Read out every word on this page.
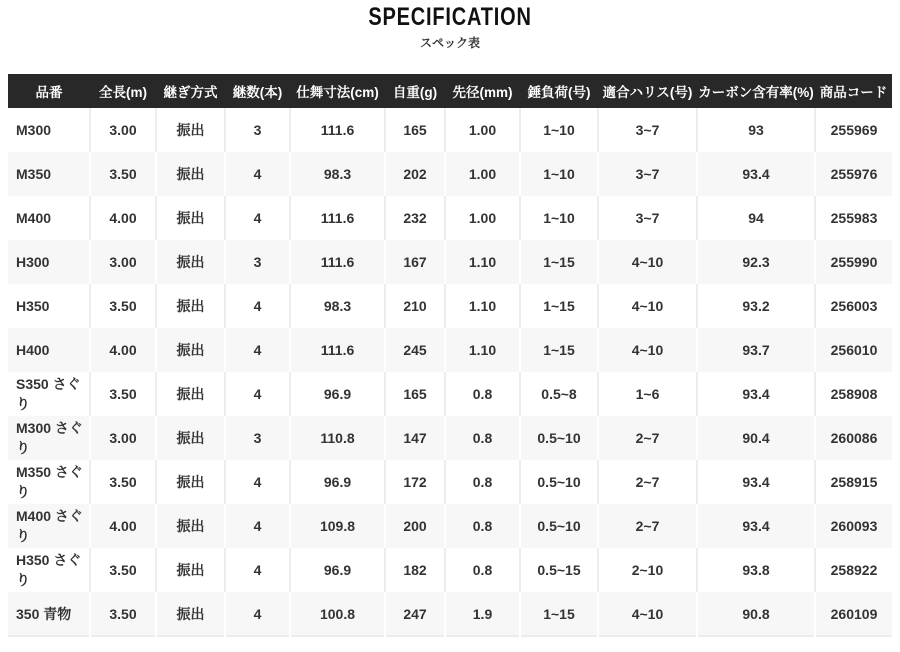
SPECIFICATION
スペック表
品番	全長(m)	継ぎ方式	継数(本)	仕舞寸法(cm)	自重(g)	先径(mm)	錘負荷(号)	適合ハリス(号)	カーボン含有率(%)	商品コード
M300	3.00	振出	3	111.6	165	1.00	1~10	3~7	93	255969
M350	3.50	振出	4	98.3	202	1.00	1~10	3~7	93.4	255976
M400	4.00	振出	4	111.6	232	1.00	1~10	3~7	94	255983
H300	3.00	振出	3	111.6	167	1.10	1~15	4~10	92.3	255990
H350	3.50	振出	4	98.3	210	1.10	1~15	4~10	93.2	256003
H400	4.00	振出	4	111.6	245	1.10	1~15	4~10	93.7	256010
S350 さぐり	3.50	振出	4	96.9	165	0.8	0.5~8	1~6	93.4	258908
M300 さぐり	3.00	振出	3	110.8	147	0.8	0.5~10	2~7	90.4	260086
M350 さぐり	3.50	振出	4	96.9	172	0.8	0.5~10	2~7	93.4	258915
M400 さぐり	4.00	振出	4	109.8	200	0.8	0.5~10	2~7	93.4	260093
H350 さぐり	3.50	振出	4	96.9	182	0.8	0.5~15	2~10	93.8	258922
350 青物	3.50	振出	4	100.8	247	1.9	1~15	4~10	90.8	260109
